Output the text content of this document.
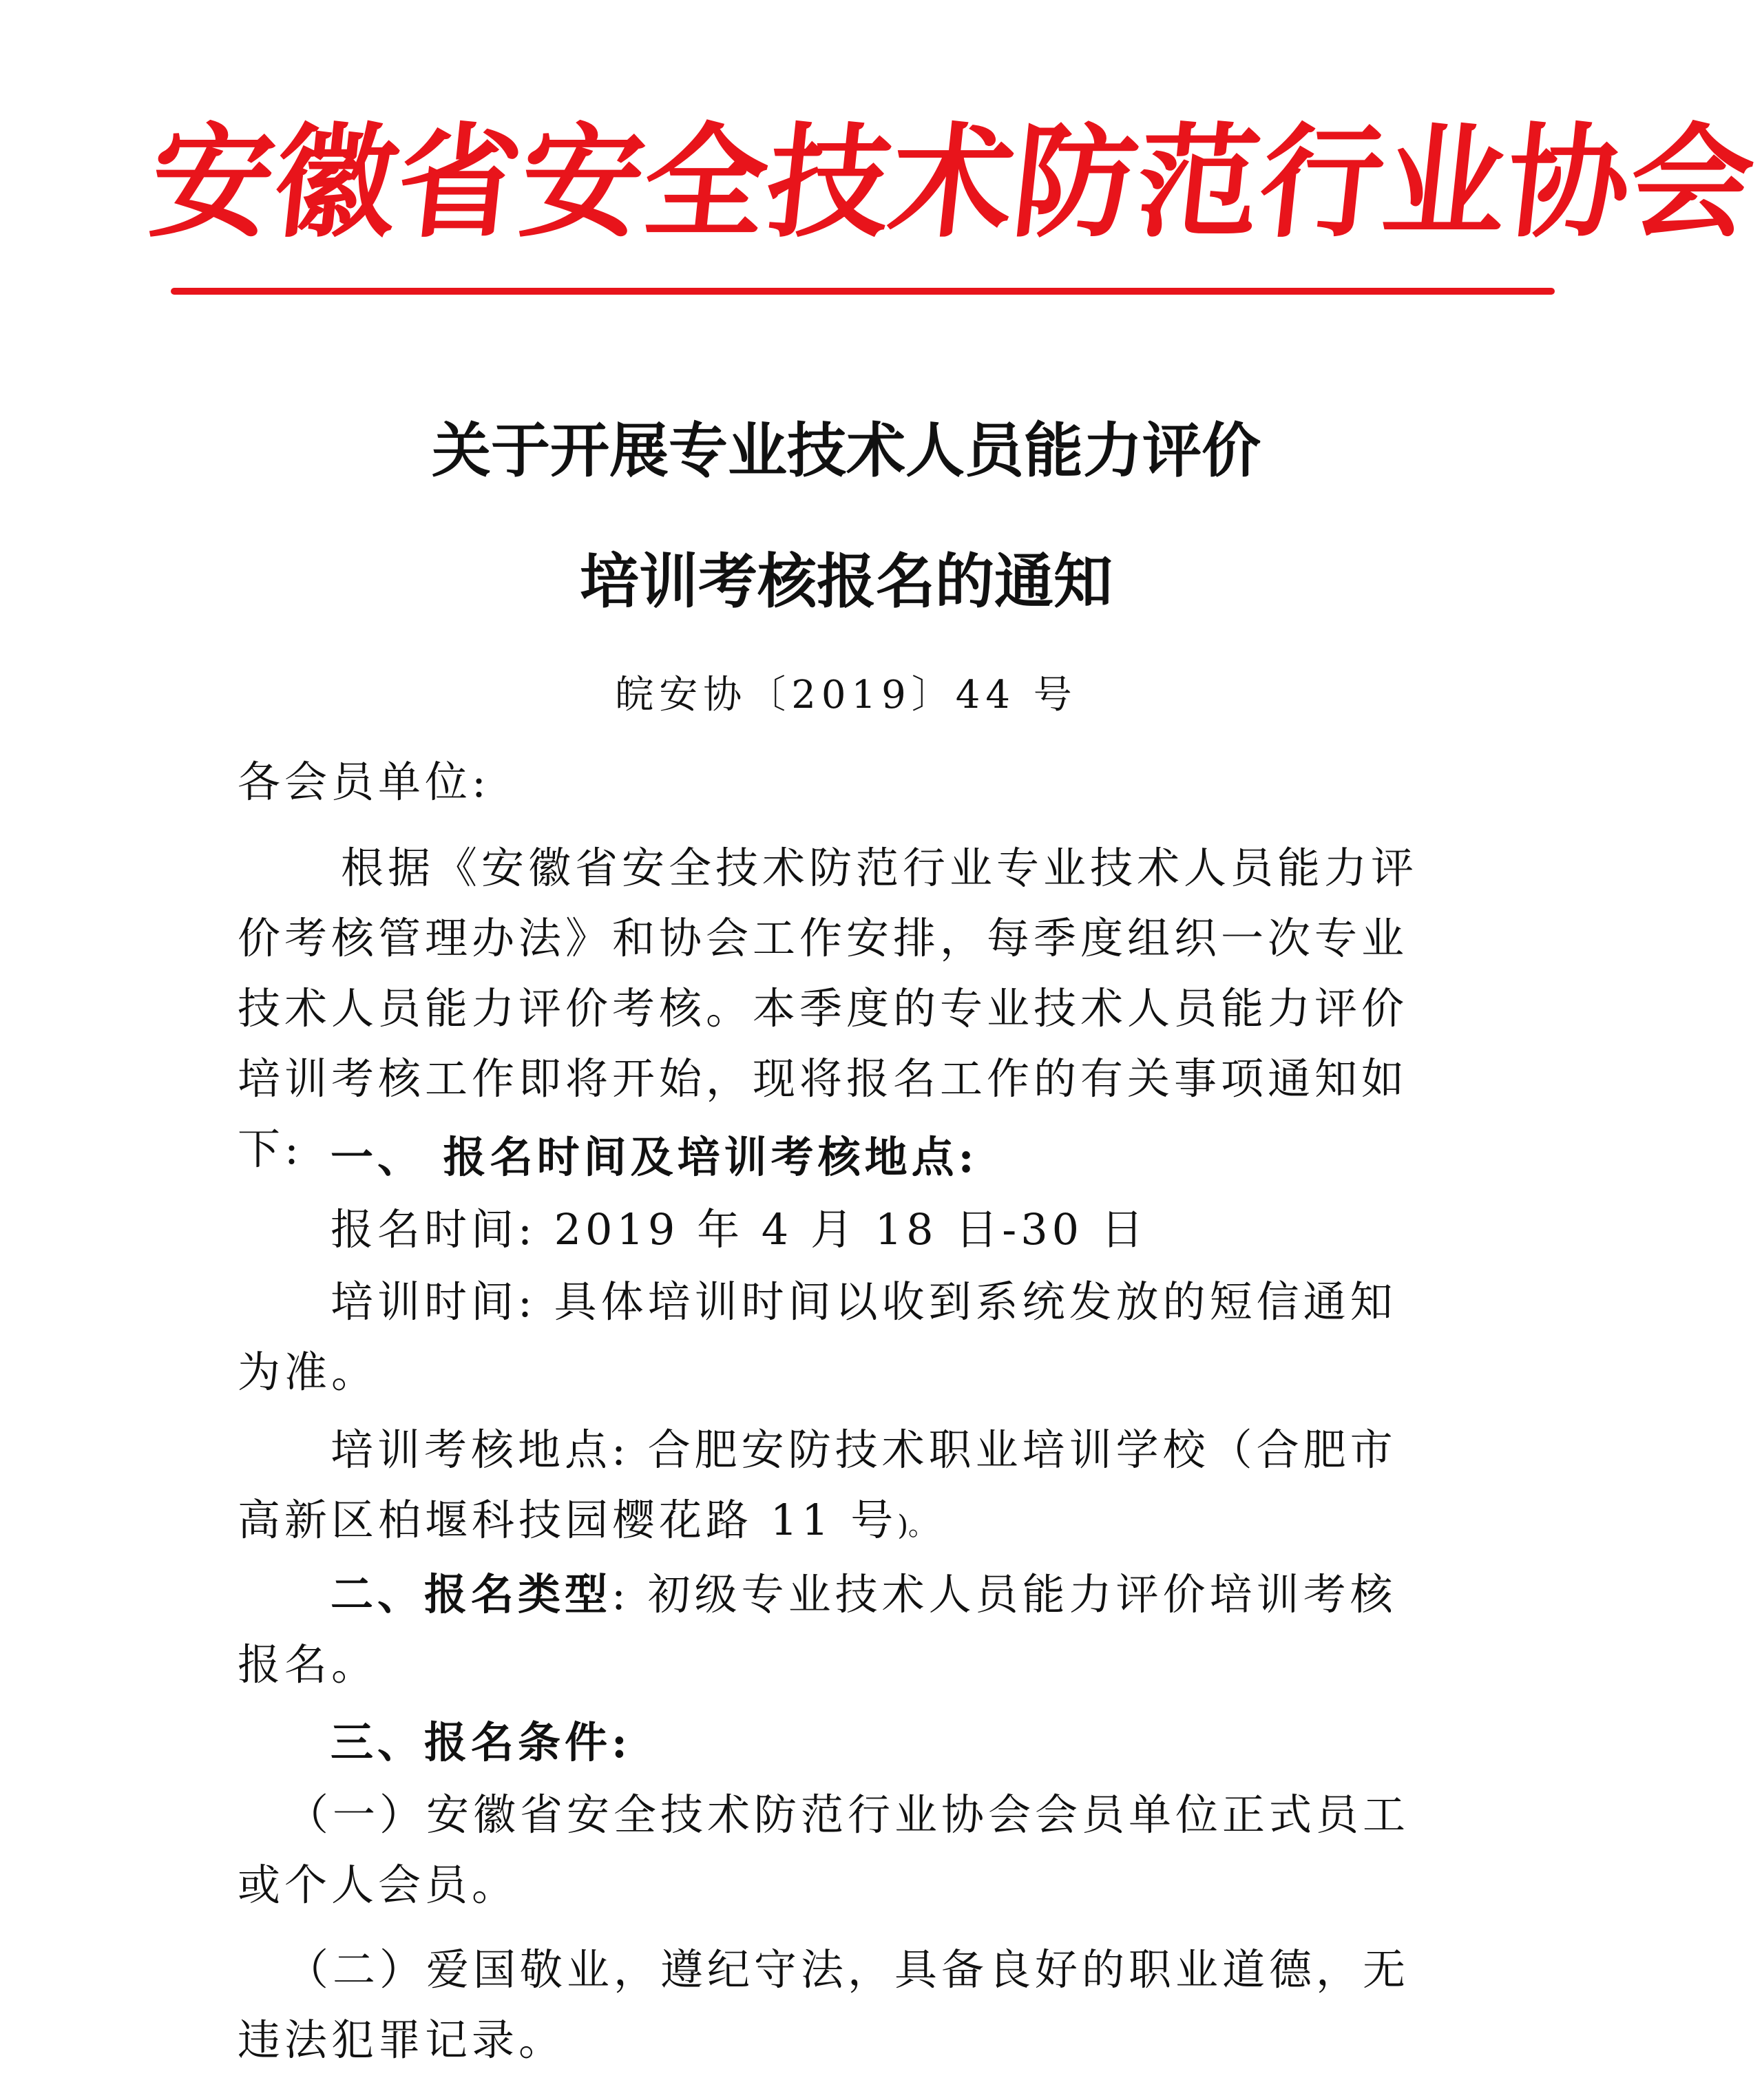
安徽省安全技术防范行业协会
关于开展专业技术人员能力评价
培训考核报名的通知
皖安协〔2019〕44 号
各会员单位:
根据《安徽省安全技术防范行业专业技术人员能力评价考核管理办法》和协会工作安排，每季度组织一次专业技术人员能力评价考核。本季度的专业技术人员能力评价培训考核工作即将开始，现将报名工作的有关事项通知如下: 一、 报名时间及培训考核地点:
报名时间: 2019 年 4 月 18 日-30 日
培训时间: 具体培训时间以收到系统发放的短信通知为准。
培训考核地点: 合肥安防技术职业培训学校（合肥市高新区柏堰科技园樱花路 11 号)。
二、报名类型: 初级专业技术人员能力评价培训考核报名。
三、报名条件:
（一）安徽省安全技术防范行业协会会员单位正式员工或个人会员。
（二）爱国敬业，遵纪守法，具备良好的职业道德，无违法犯罪记录。
